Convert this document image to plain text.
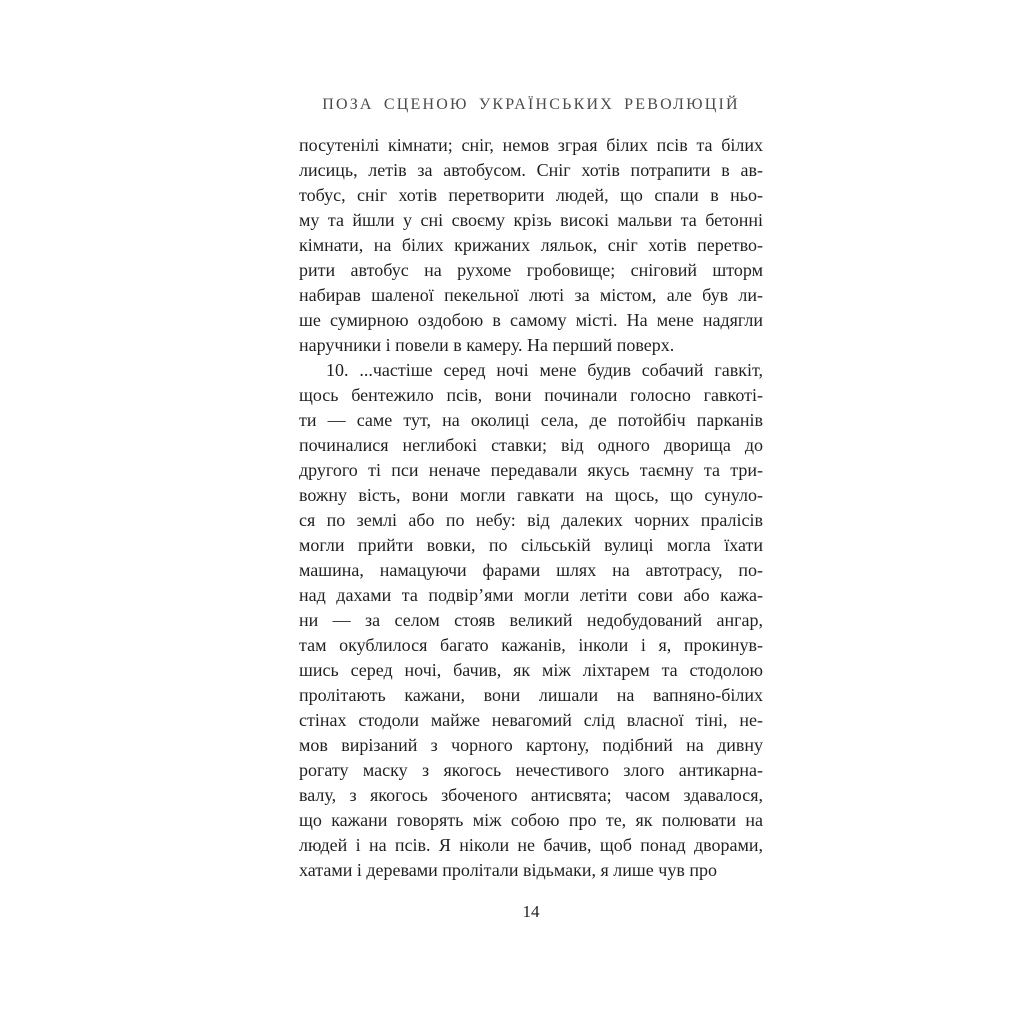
ПОЗА СЦЕНОЮ УКРАЇНСЬКИХ РЕВОЛЮЦІЙ
посутенілі кімнати; сніг, немов зграя білих псів та білих
лисиць, летів за автобусом. Сніг хотів потрапити в ав-
тобус, сніг хотів перетворити людей, що спали в ньо-
му та йшли у сні своєму крізь високі мальви та бетонні
кімнати, на білих крижаних ляльок, сніг хотів перетво-
рити автобус на рухоме гробовище; сніговий шторм
набирав шаленої пекельної люті за містом, але був ли-
ше сумирною оздобою в самому місті. На мене надягли
наручники і повели в камеру. На перший поверх.
10. ...частіше серед ночі мене будив собачий гавкіт,
щось бентежило псів, вони починали голосно гавкоті-
ти — саме тут, на околиці села, де потойбіч парканів
починалися неглибокі ставки; від одного дворища до
другого ті пси неначе передавали якусь таємну та три-
вожну вість, вони могли гавкати на щось, що сунуло-
ся по землі або по небу: від далеких чорних пралісів
могли прийти вовки, по сільській вулиці могла їхати
машина, намацуючи фарами шлях на автотрасу, по-
над дахами та подвір’ями могли летіти сови або кажа-
ни — за селом стояв великий недобудований ангар,
там окублилося багато кажанів, інколи і я, прокинув-
шись серед ночі, бачив, як між ліхтарем та стодолою
пролітають кажани, вони лишали на вапняно-білих
стінах стодоли майже невагомий слід власної тіні, не-
мов вирізаний з чорного картону, подібний на дивну
рогату маску з якогось нечестивого злого антикарна-
валу, з якогось збоченого антисвята; часом здавалося,
що кажани говорять між собою про те, як полювати на
людей і на псів. Я ніколи не бачив, щоб понад дворами,
хатами і деревами пролітали відьмаки, я лише чув про
14
